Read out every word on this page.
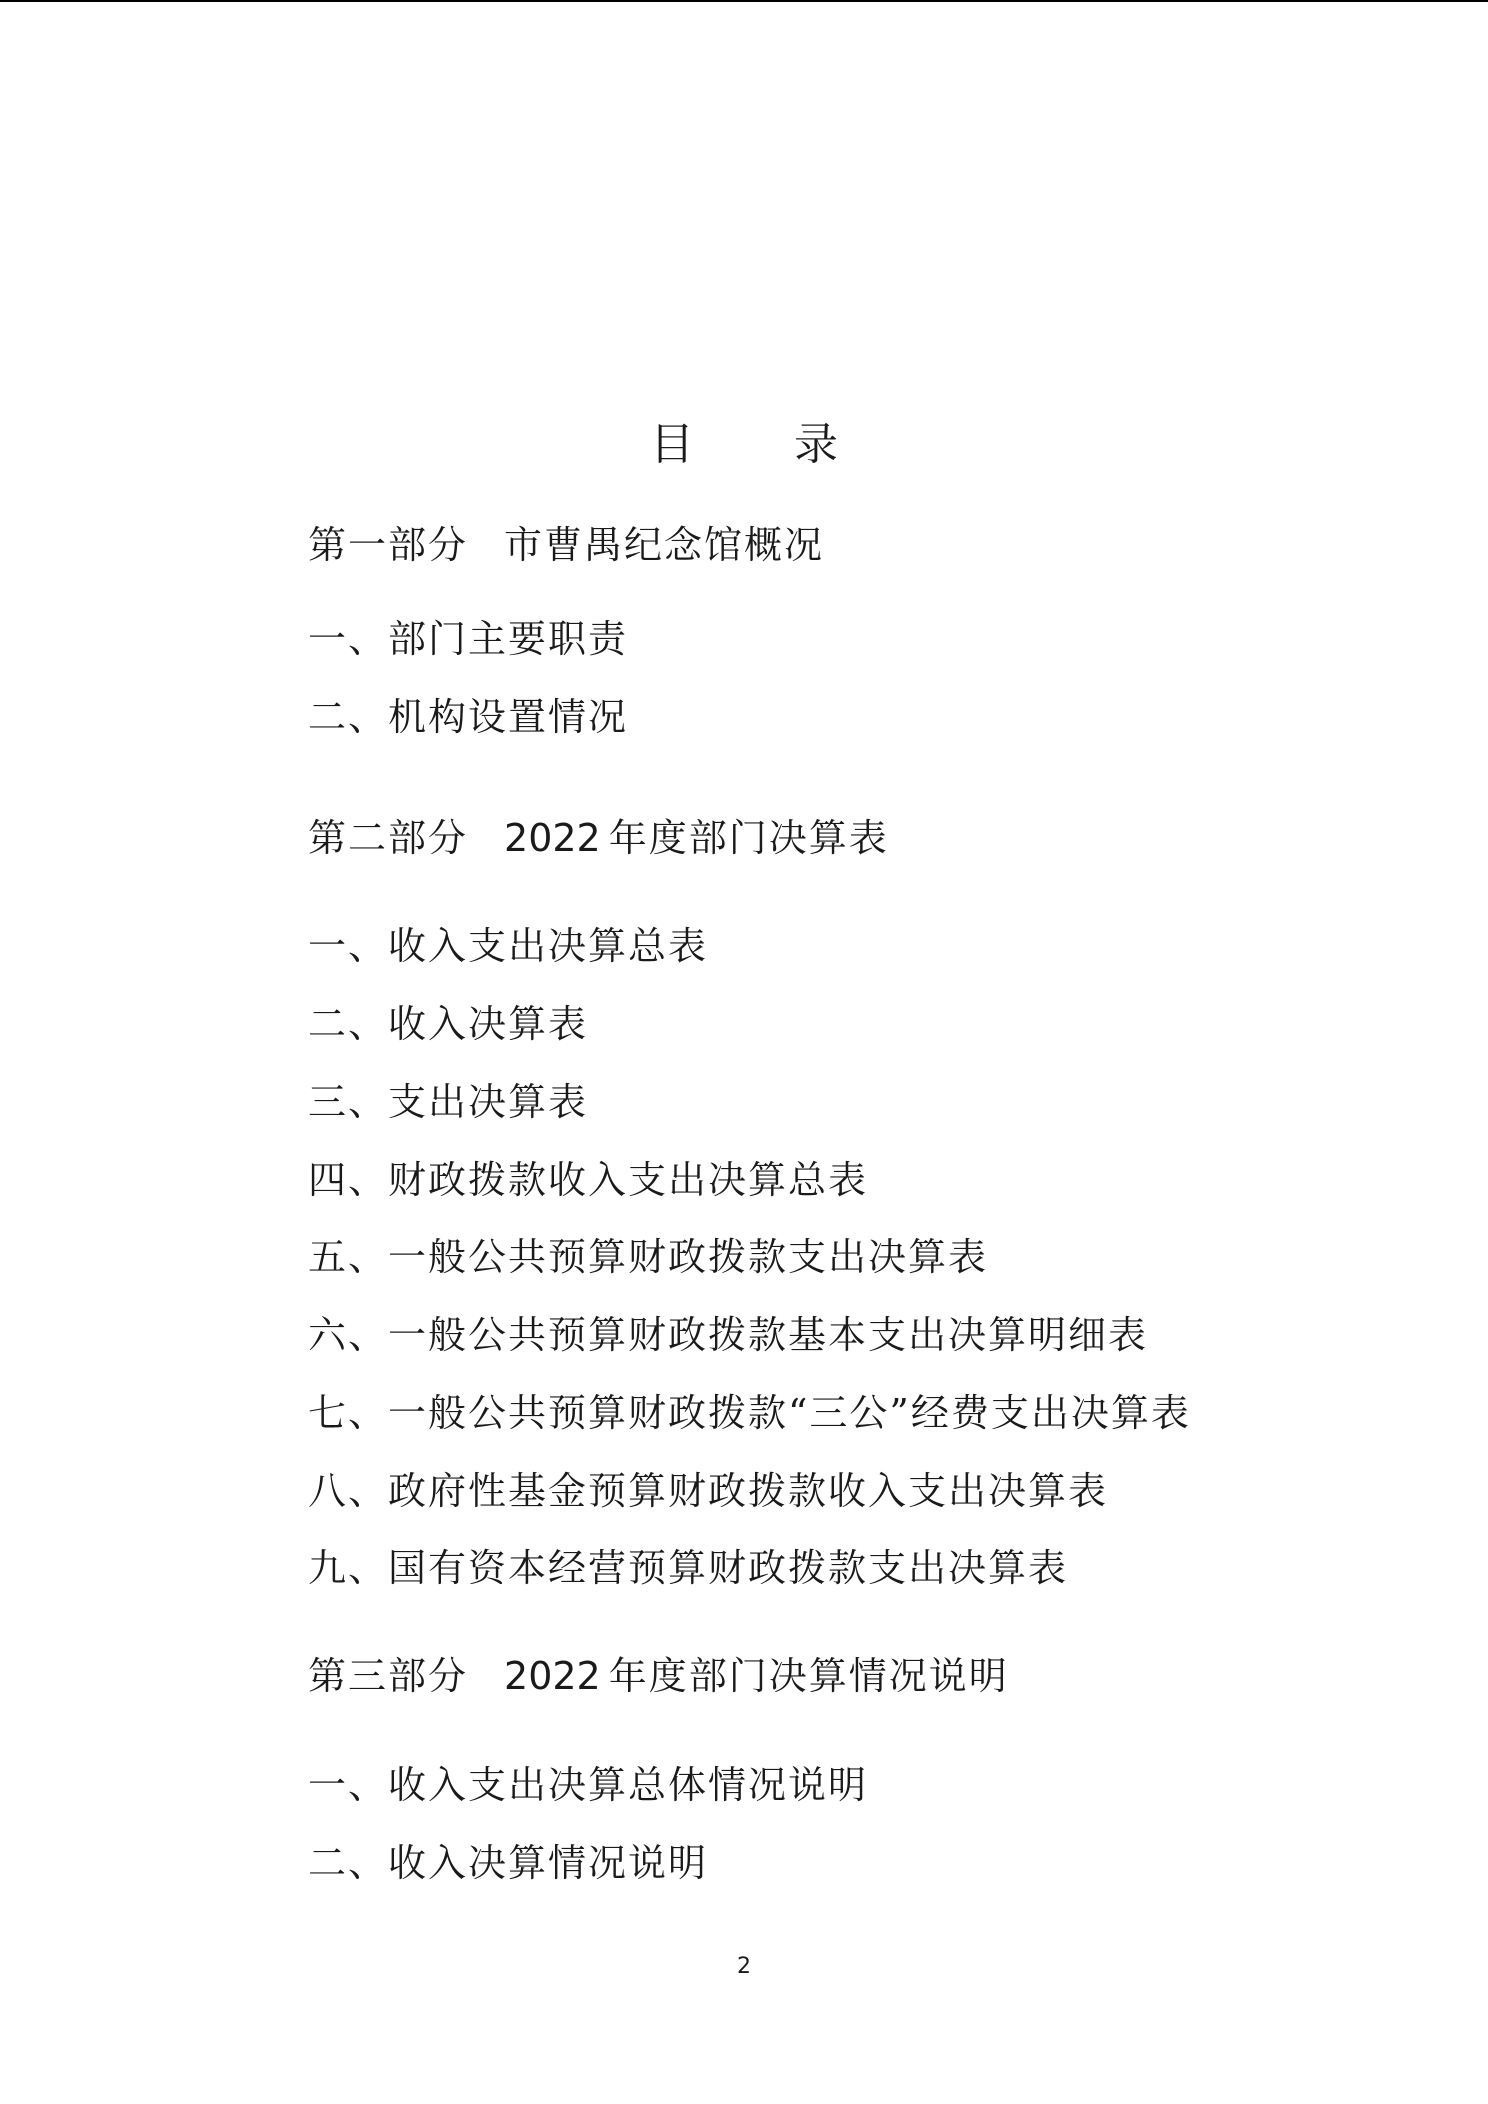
目 录
第一部分 市曹禺纪念馆概况
一、部门主要职责
二、机构设置情况
第二部分 2022 年度部门决算表
一、收入支出决算总表
二、收入决算表
三、支出决算表
四、财政拨款收入支出决算总表
五、一般公共预算财政拨款支出决算表
六、一般公共预算财政拨款基本支出决算明细表
七、一般公共预算财政拨款“三公”经费支出决算表
八、政府性基金预算财政拨款收入支出决算表
九、国有资本经营预算财政拨款支出决算表
第三部分 2022 年度部门决算情况说明
一、收入支出决算总体情况说明
二、收入决算情况说明
2
